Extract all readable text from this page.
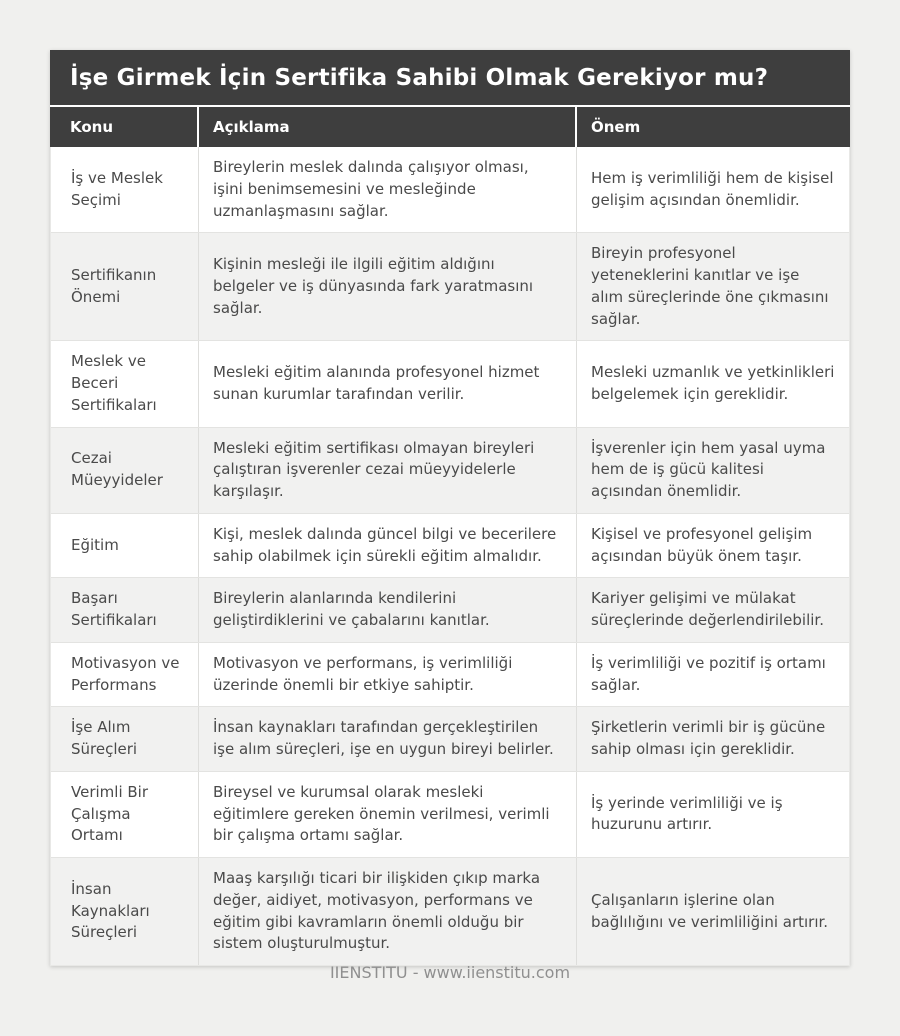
İşe Girmek İçin Sertifika Sahibi Olmak Gerekiyor mu?
Konu	Açıklama	Önem
İş ve Meslek Seçimi
Bireylerin meslek dalında çalışıyor olması, işini benimsemesini ve mesleğinde uzmanlaşmasını sağlar.
Hem iş verimliliği hem de kişisel gelişim açısından önemlidir.
Sertifikanın Önemi
Kişinin mesleği ile ilgili eğitim aldığını belgeler ve iş dünyasında fark yaratmasını sağlar.
Bireyin profesyonel yeteneklerini kanıtlar ve işe alım süreçlerinde öne çıkmasını sağlar.
Meslek ve Beceri Sertifikaları
Mesleki eğitim alanında profesyonel hizmet sunan kurumlar tarafından verilir.
Mesleki uzmanlık ve yetkinlikleri belgelemek için gereklidir.
Cezai Müeyyideler
Mesleki eğitim sertifikası olmayan bireyleri çalıştıran işverenler cezai müeyyidelerle karşılaşır.
İşverenler için hem yasal uyma hem de iş gücü kalitesi açısından önemlidir.
Eğitim
Kişi, meslek dalında güncel bilgi ve becerilere sahip olabilmek için sürekli eğitim almalıdır.
Kişisel ve profesyonel gelişim açısından büyük önem taşır.
Başarı Sertifikaları
Bireylerin alanlarında kendilerini geliştirdiklerini ve çabalarını kanıtlar.
Kariyer gelişimi ve mülakat süreçlerinde değerlendirilebilir.
Motivasyon ve Performans
Motivasyon ve performans, iş verimliliği üzerinde önemli bir etkiye sahiptir.
İş verimliliği ve pozitif iş ortamı sağlar.
İşe Alım Süreçleri
İnsan kaynakları tarafından gerçekleştirilen işe alım süreçleri, işe en uygun bireyi belirler.
Şirketlerin verimli bir iş gücüne sahip olması için gereklidir.
Verimli Bir Çalışma Ortamı
Bireysel ve kurumsal olarak mesleki eğitimlere gereken önemin verilmesi, verimli bir çalışma ortamı sağlar.
İş yerinde verimliliği ve iş huzurunu artırır.
İnsan Kaynakları Süreçleri
Maaş karşılığı ticari bir ilişkiden çıkıp marka değer, aidiyet, motivasyon, performans ve eğitim gibi kavramların önemli olduğu bir sistem oluşturulmuştur.
Çalışanların işlerine olan bağlılığını ve verimliliğini artırır.
IIENSTITU - www.iienstitu.com
